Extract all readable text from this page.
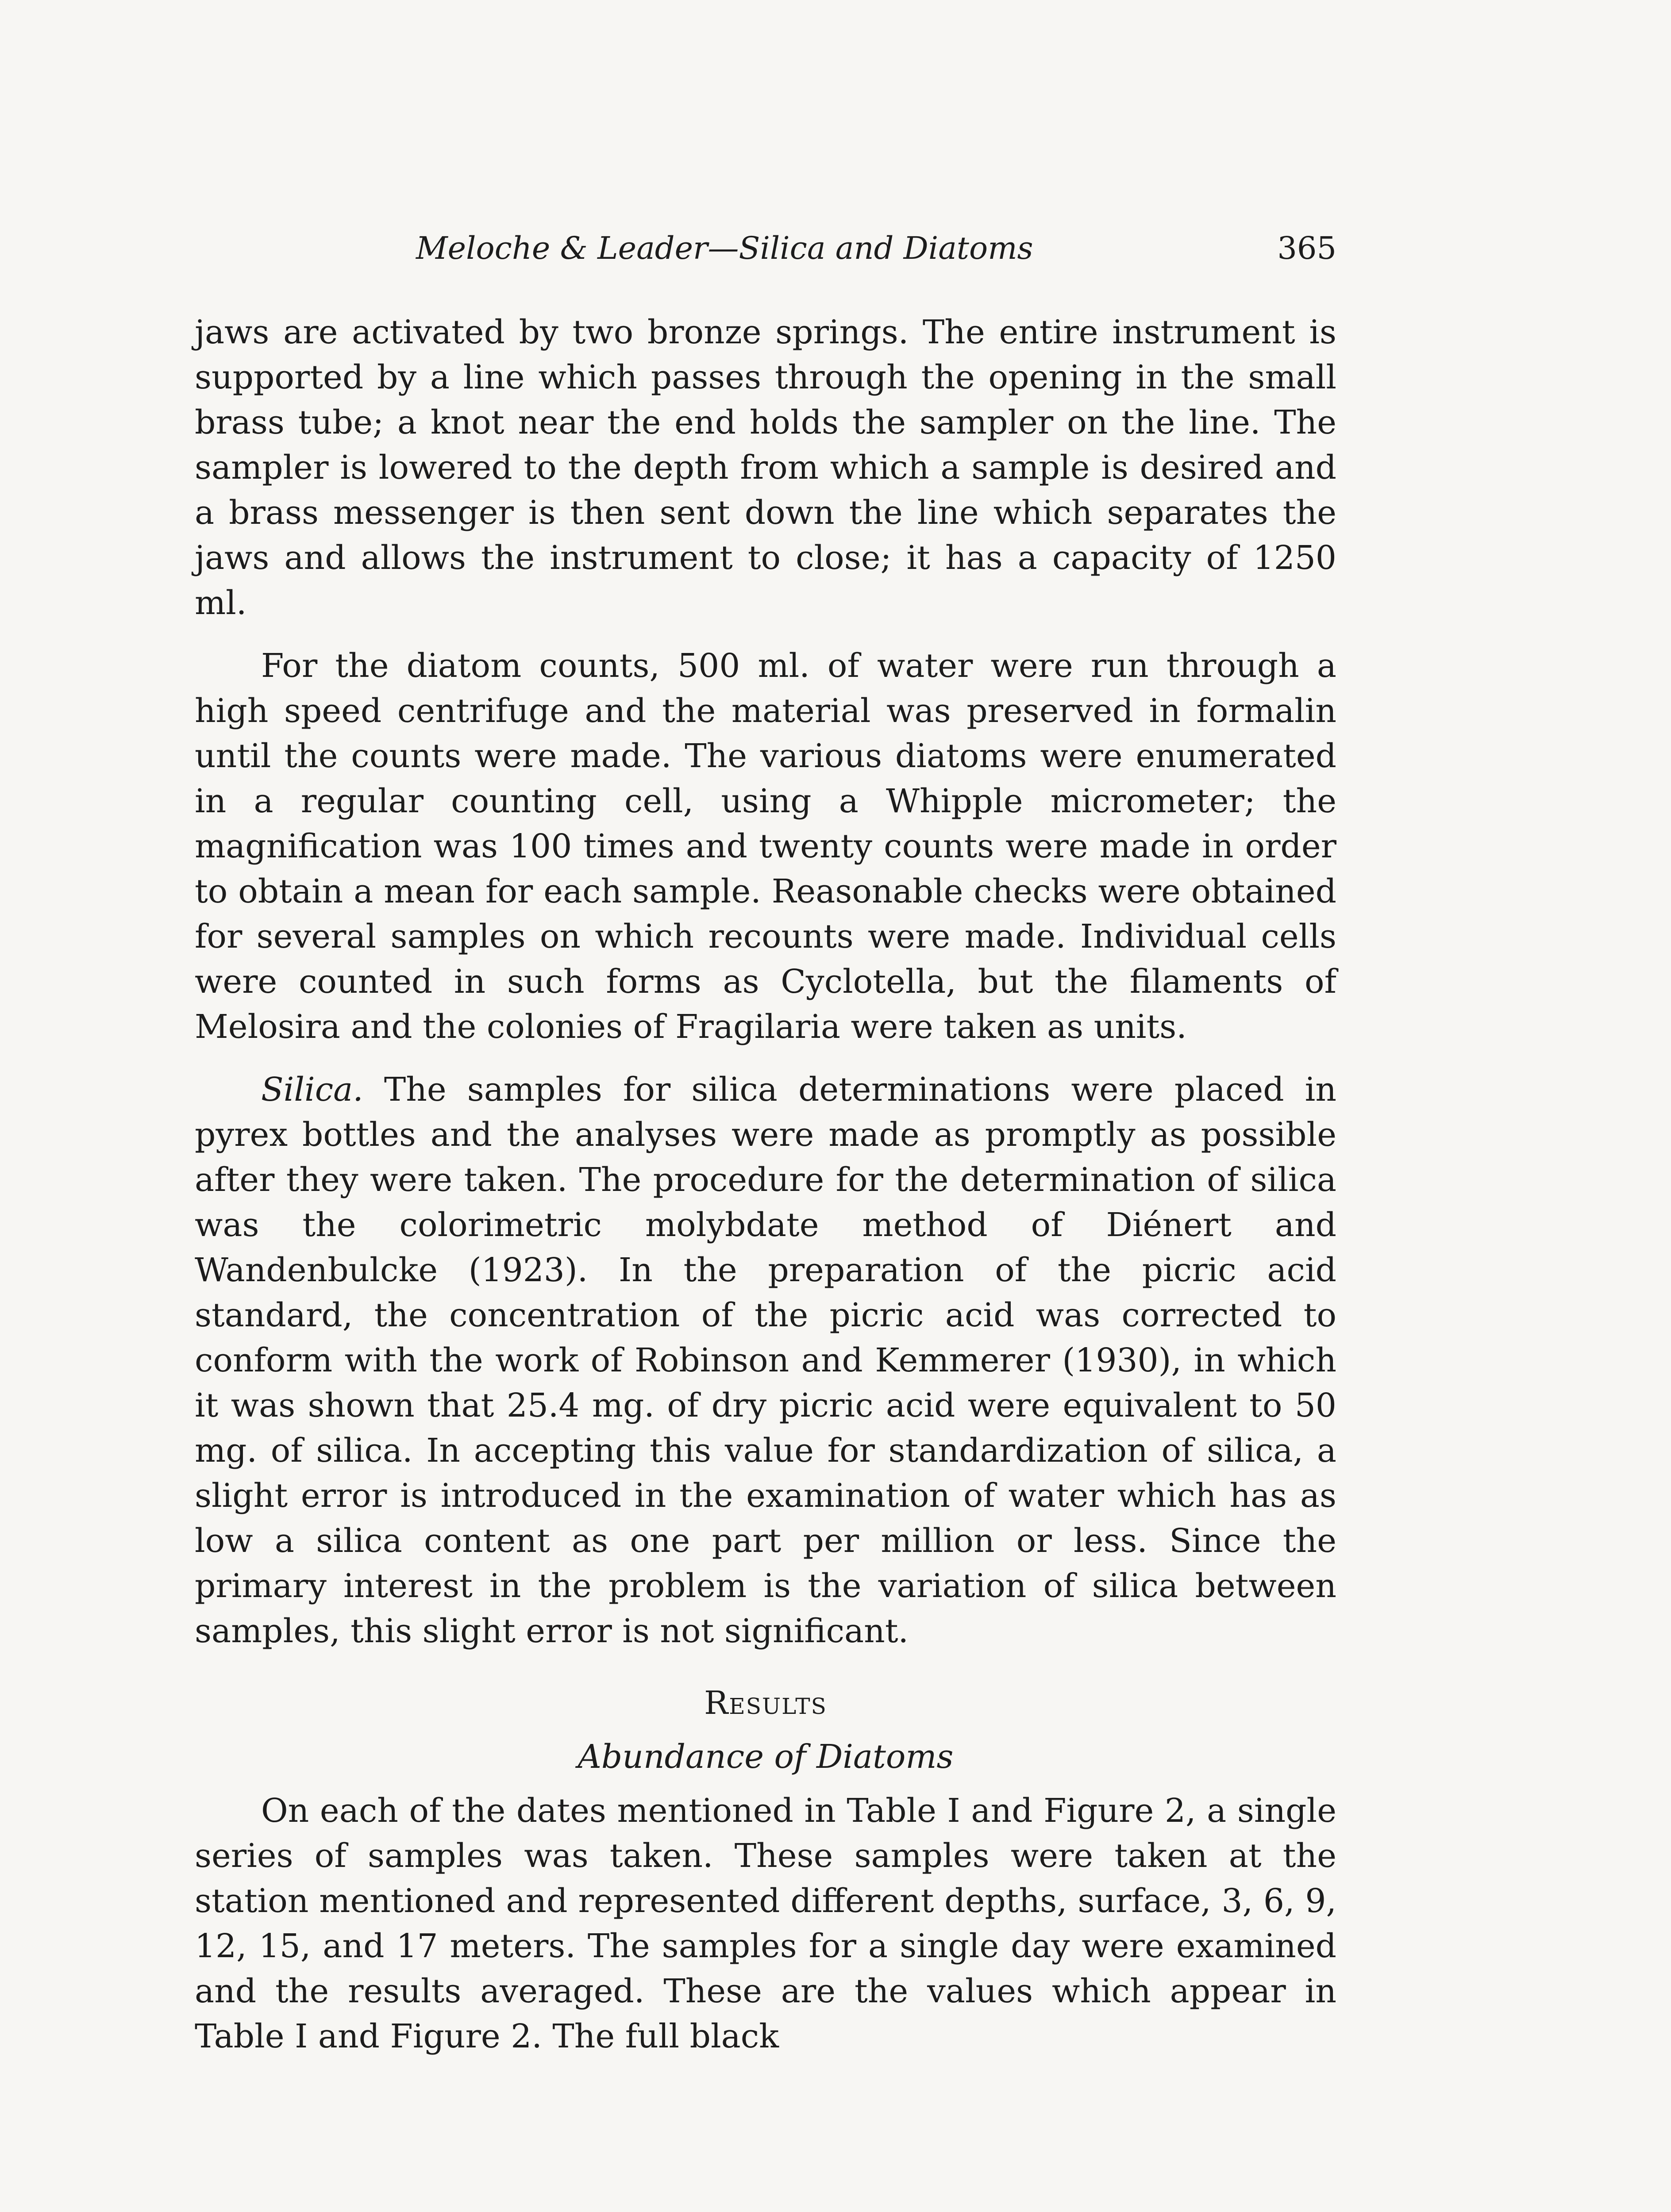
Meloche & Leader—Silica and Diatoms	365

jaws are activated by two bronze springs. The entire instrument is supported by a line which passes through the opening in the small brass tube; a knot near the end holds the sampler on the line. The sampler is lowered to the depth from which a sample is desired and a brass messenger is then sent down the line which separates the jaws and allows the instrument to close; it has a capacity of 1250 ml.

For the diatom counts, 500 ml. of water were run through a high speed centrifuge and the material was preserved in formalin until the counts were made. The various diatoms were enumerated in a regular counting cell, using a Whipple micrometer; the magnification was 100 times and twenty counts were made in order to obtain a mean for each sample. Reasonable checks were obtained for several samples on which recounts were made. Individual cells were counted in such forms as Cyclotella, but the filaments of Melosira and the colonies of Fragilaria were taken as units.

Silica. The samples for silica determinations were placed in pyrex bottles and the analyses were made as promptly as possible after they were taken. The procedure for the determination of silica was the colorimetric molybdate method of Diénert and Wandenbulcke (1923). In the preparation of the picric acid standard, the concentration of the picric acid was corrected to conform with the work of Robinson and Kemmerer (1930), in which it was shown that 25.4 mg. of dry picric acid were equivalent to 50 mg. of silica. In accepting this value for standardization of silica, a slight error is introduced in the examination of water which has as low a silica content as one part per million or less. Since the primary interest in the problem is the variation of silica between samples, this slight error is not significant.

Results
Abundance of Diatoms

On each of the dates mentioned in Table I and Figure 2, a single series of samples was taken. These samples were taken at the station mentioned and represented different depths, surface, 3, 6, 9, 12, 15, and 17 meters. The samples for a single day were examined and the results averaged. These are the values which appear in Table I and Figure 2. The full black
